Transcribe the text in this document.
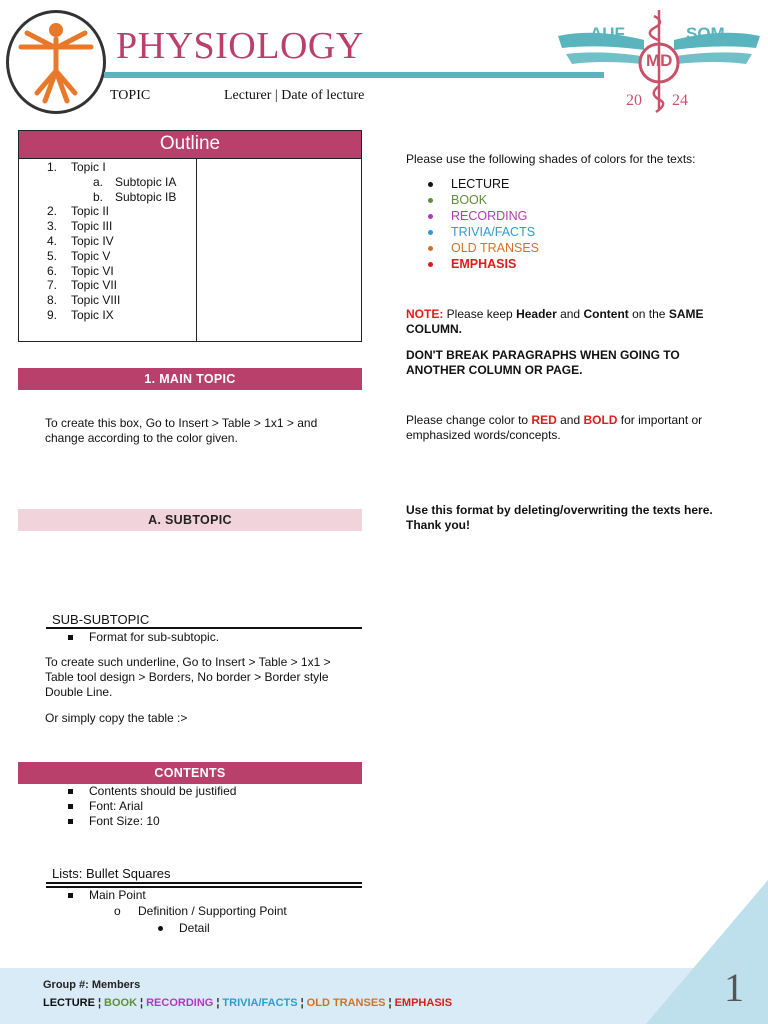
PHYSIOLOGY
TOPIC	Lecturer | Date of lecture
AUF	SOM
MD
20 24
Outline
1.	Topic I
a. Subtopic IA
b. Subtopic IB
2.	Topic II
3.	Topic III
4.	Topic IV
5.	Topic V
6.	Topic VI
7.	Topic VII
8.	Topic VIII
9.	Topic IX
1. MAIN TOPIC
To create this box, Go to Insert > Table > 1x1 > and change according to the color given.
A. SUBTOPIC
SUB-SUBTOPIC
Format for sub-subtopic.
To create such underline, Go to Insert > Table > 1x1 > Table tool design > Borders, No border > Border style Double Line.
Or simply copy the table :>
CONTENTS
Contents should be justified
Font: Arial
Font Size: 10
Lists: Bullet Squares
Main Point
o	Definition / Supporting Point
Detail
Please use the following shades of colors for the texts:
LECTURE
BOOK
RECORDING
TRIVIA/FACTS
OLD TRANSES
EMPHASIS
NOTE: Please keep Header and Content on the SAME COLUMN.
DON'T BREAK PARAGRAPHS WHEN GOING TO ANOTHER COLUMN OR PAGE.
Please change color to RED and BOLD for important or emphasized words/concepts.
Use this format by deleting/overwriting the texts here. Thank you!
Group #: Members
LECTURE ¦ BOOK ¦ RECORDING ¦ TRIVIA/FACTS ¦ OLD TRANSES ¦ EMPHASIS	1
